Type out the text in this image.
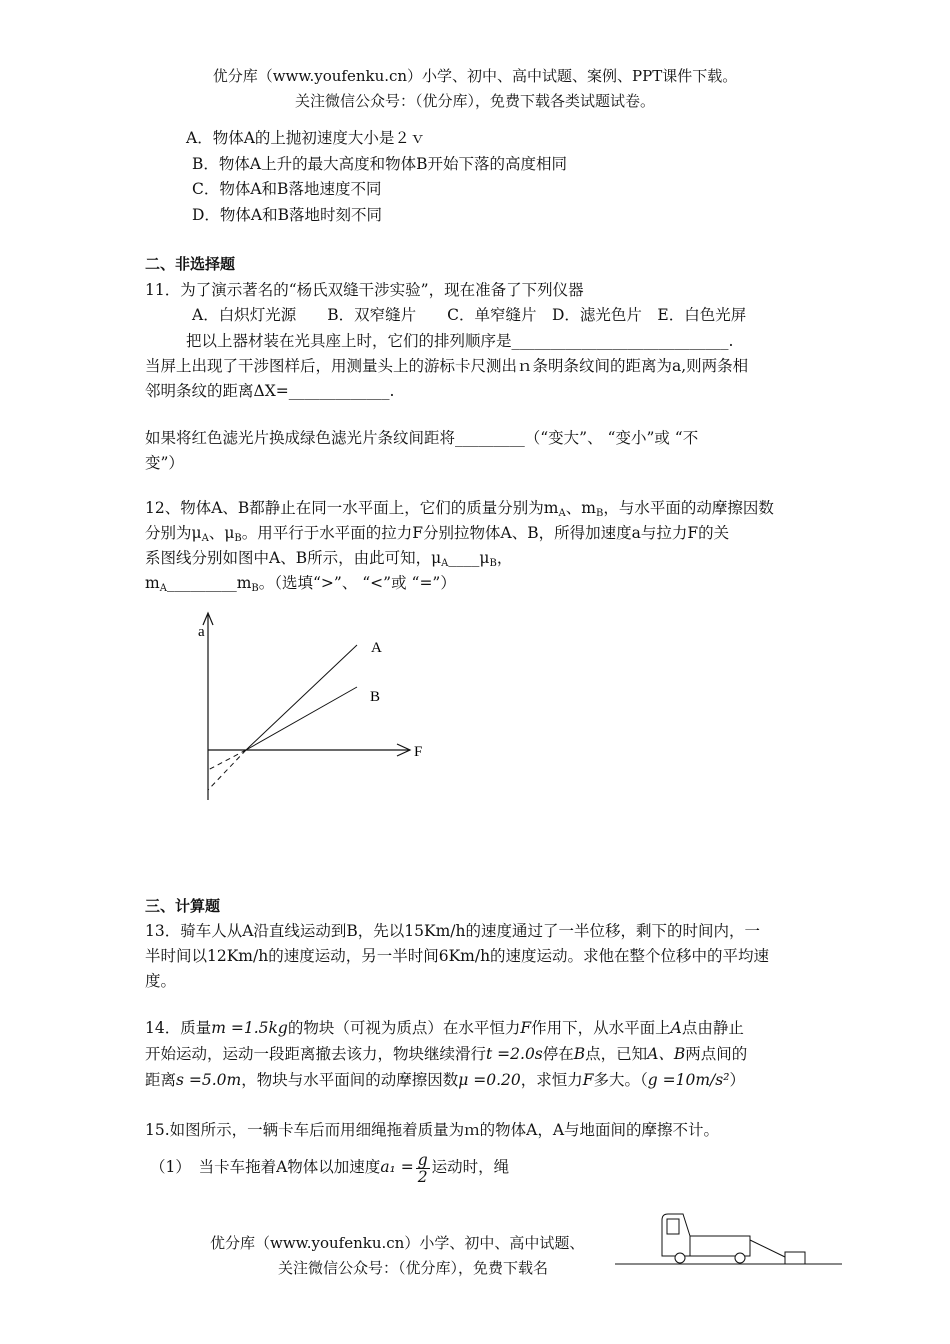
优分库（www.youfenku.cn）小学、初中、高中试题、案例、PPT课件下载。
关注微信公众号：（优分库），免费下载各类试题试卷。
A．物体A的上抛初速度大小是２ｖ
B．物体A上升的最大高度和物体B开始下落的高度相同
C．物体A和B落地速度不同
D．物体A和B落地时刻不同
二、非选择题
11．为了演示著名的“杨氏双缝干涉实验”，现在准备了下列仪器
A．白炽灯光源　　B．双窄缝片　　C．单窄缝片　D．滤光色片　E．白色光屏
把以上器材装在光具座上时，它们的排列顺序是____________________________.
当屏上出现了干涉图样后，用测量头上的游标卡尺测出ｎ条明条纹间的距离为a,则两条相
邻明条纹的距离ΔX=_____________.
如果将红色滤光片换成绿色滤光片条纹间距将_________（“变大”、 “变小”或 “不
变”）
12、物体A、B都静止在同一水平面上，它们的质量分别为$m_A$、$m_B$，与水平面的动摩擦因数
分别为$\mu_A$、$\mu_B$。用平行于水平面的拉力F分别拉物体A、B，所得加速度a与拉力F的关
系图线分别如图中A、B所示，由此可知，$\mu_A\_\_\_\_\mu_B$，
$m_A\_\_\_\_\_\_\_\_\_m_B$。（选填“>”、 “<”或 “=”）
a
F
A
B
三、计算题
13．骑车人从A沿直线运动到B，先以15Km/h的速度通过了一半位移，剩下的时间内，一
半时间以12Km/h的速度运动，另一半时间6Km/h的速度运动。求他在整个位移中的平均速
度。
14．质量m =1.5kg的物块（可视为质点）在水平恒力F作用下，从水平面上A点由静止
开始运动，运动一段距离撤去该力，物块继续滑行t =2.0s停在B点，已知A、B两点间的
距离s =5.0m，物块与水平面间的动摩擦因数μ =0.20，求恒力F多大。（g =10m/s²）
15.如图所示，一辆卡车后而用细绳拖着质量为ｍ的物体A，A与地面间的摩擦不计。
（1）　当卡车拖着A物体以加速度$a_1 = \frac{g}{2}$ 运动时，绳
优分库（www.youfenku.cn）小学、初中、高中试题、
关注微信公众号：（优分库），免费下载名
